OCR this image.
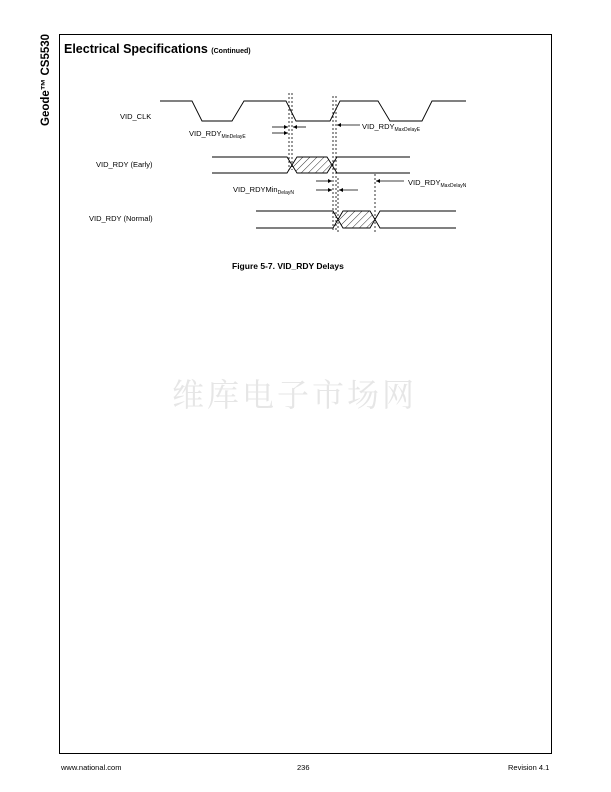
Geode™ CS5530 Electrical Specifications (Continued)
VID_CLK
VID_RDY (Early)
VID_RDY (Normal)
$VID\_RDY_{MinDelayE}$
$VID\_RDY_{MaxDelayE}$
VID_RDYMin$_{DelayN}$
$VID\_RDY_{MaxDelayN}$
Figure 5-7. VID_RDY Delays
维库电子市场网
www.national.com	236	Revision 4.1
